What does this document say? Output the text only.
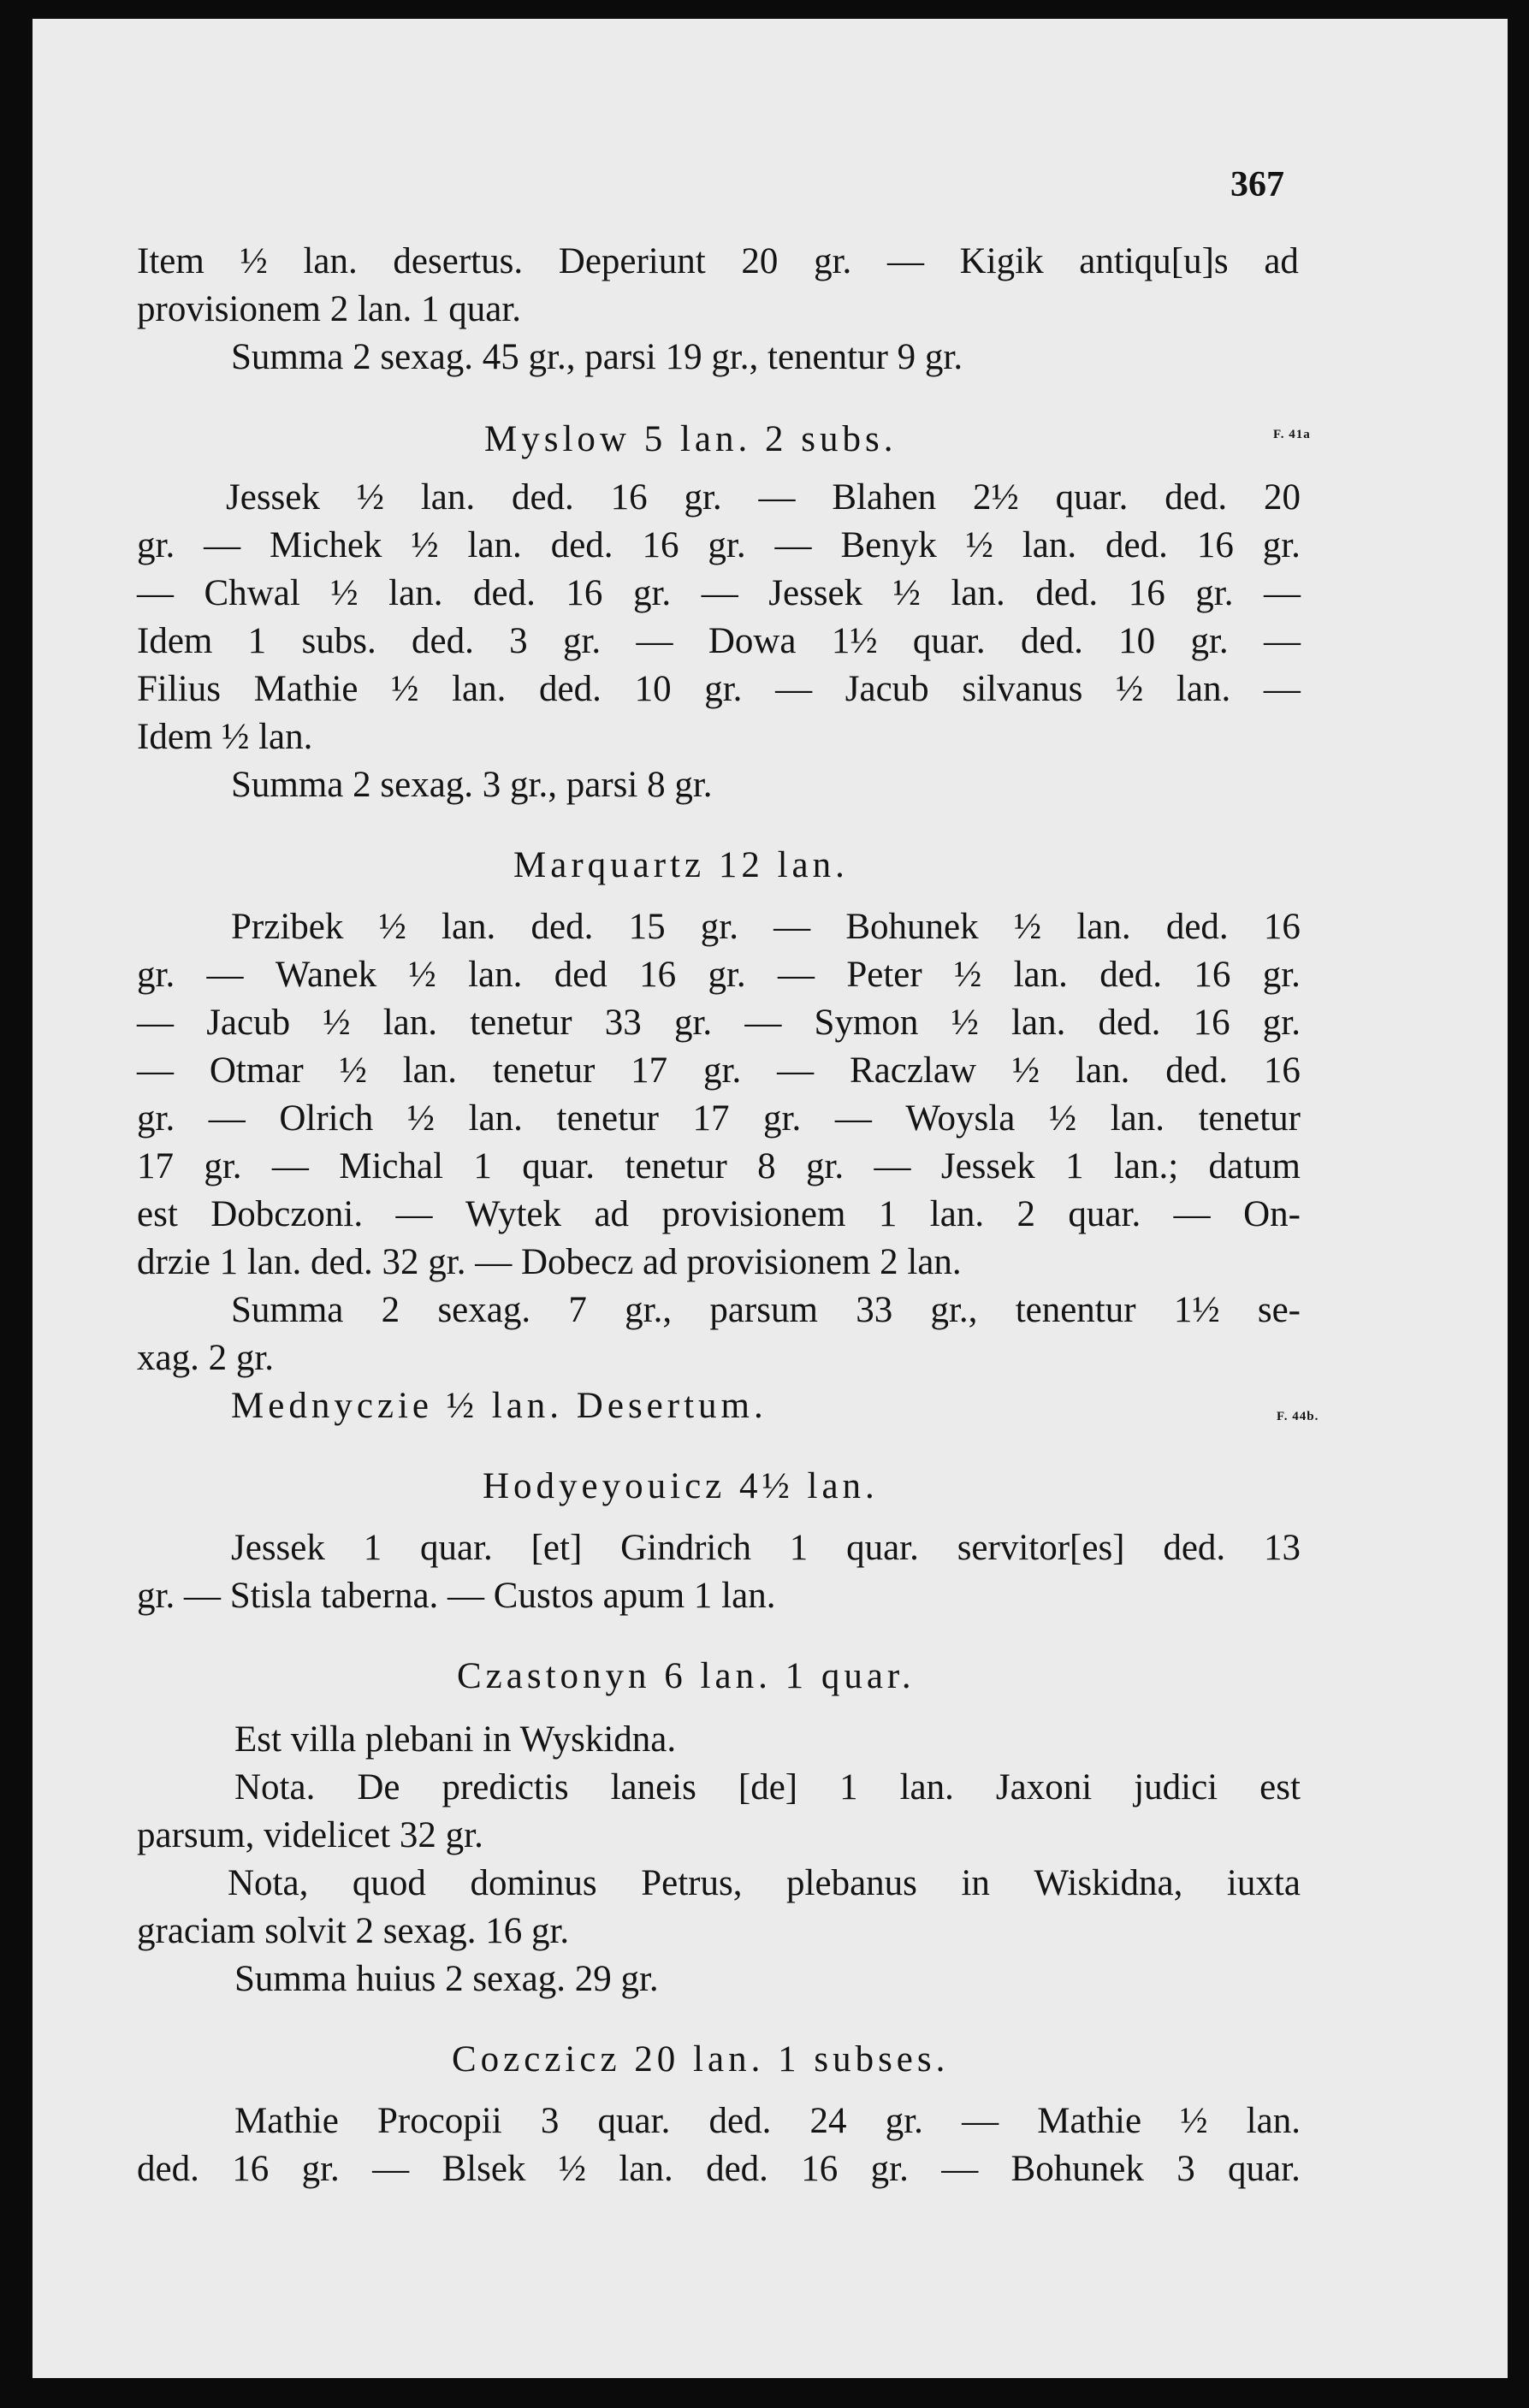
367
F. 41a
F. 44b.
Item ½ lan. desertus. Deperiunt 20 gr. — Kigik antiqu[u]s ad
provisionem 2 lan. 1 quar.
Summa 2 sexag. 45 gr., parsi 19 gr., tenentur 9 gr.
Myslow 5 lan. 2 subs.
Jessek ½ lan. ded. 16 gr. — Blahen 2½ quar. ded. 20
gr. — Michek ½ lan. ded. 16 gr. — Benyk ½ lan. ded. 16 gr.
— Chwal ½ lan. ded. 16 gr. — Jessek ½ lan. ded. 16 gr. —
Idem 1 subs. ded. 3 gr. — Dowa 1½ quar. ded. 10 gr. —
Filius Mathie ½ lan. ded. 10 gr. — Jacub silvanus ½ lan. —
Idem ½ lan.
Summa 2 sexag. 3 gr., parsi 8 gr.
Marquartz 12 lan.
Przibek ½ lan. ded. 15 gr. — Bohunek ½ lan. ded. 16
gr. — Wanek ½ lan. ded 16 gr. — Peter ½ lan. ded. 16 gr.
— Jacub ½ lan. tenetur 33 gr. — Symon ½ lan. ded. 16 gr.
— Otmar ½ lan. tenetur 17 gr. — Raczlaw ½ lan. ded. 16
gr. — Olrich ½ lan. tenetur 17 gr. — Woysla ½ lan. tenetur
17 gr. — Michal 1 quar. tenetur 8 gr. — Jessek 1 lan.; datum
est Dobczoni. — Wytek ad provisionem 1 lan. 2 quar. — On-
drzie 1 lan. ded. 32 gr. — Dobecz ad provisionem 2 lan.
Summa 2 sexag. 7 gr., parsum 33 gr., tenentur 1½ se-
xag. 2 gr.
Mednyczie ½ lan. Desertum.
Hodyeyouicz 4½ lan.
Jessek 1 quar. [et] Gindrich 1 quar. servitor[es] ded. 13
gr. — Stisla taberna. — Custos apum 1 lan.
Czastonyn 6 lan. 1 quar.
Est villa plebani in Wyskidna.
Nota. De predictis laneis [de] 1 lan. Jaxoni judici est
parsum, videlicet 32 gr.
Nota, quod dominus Petrus, plebanus in Wiskidna, iuxta
graciam solvit 2 sexag. 16 gr.
Summa huius 2 sexag. 29 gr.
Cozczicz 20 lan. 1 subses.
Mathie Procopii 3 quar. ded. 24 gr. — Mathie ½ lan.
ded. 16 gr. — Blsek ½ lan. ded. 16 gr. — Bohunek 3 quar.
